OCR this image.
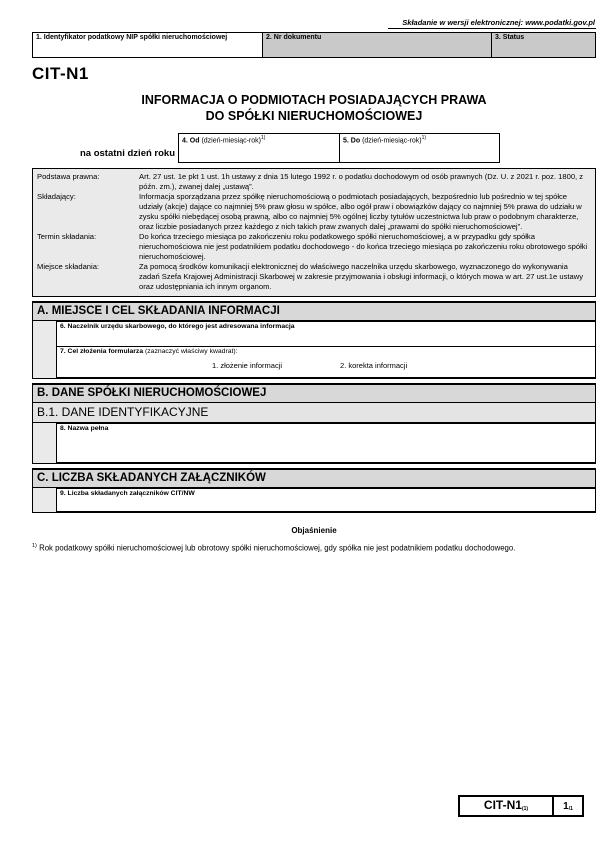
Składanie w wersji elektronicznej: www.podatki.gov.pl
1. Identyfikator podatkowy NIP spółki nieruchomościowej	2. Nr dokumentu	3. Status
CIT-N1
INFORMACJA O PODMIOTACH POSIADAJĄCYCH PRAWA
DO SPÓŁKI NIERUCHOMOŚCIOWEJ
na ostatni dzień roku
4. Od (dzień-miesiąc-rok)$^{1)}$	5. Do (dzień-miesiąc-rok)$^{1)}$
Podstawa prawna:	Art. 27 ust. 1e pkt 1 ust. 1h ustawy z dnia 15 lutego 1992 r. o podatku dochodowym od osób prawnych (Dz. U. z 2021 r. poz. 1800, z późn. zm.), zwanej dalej „ustawą”.
Składający:	Informacja sporządzana przez spółkę nieruchomościową o podmiotach posiadających, bezpośrednio lub pośrednio w tej spółce udziały (akcje) dające co najmniej 5% praw głosu w spółce, albo ogół praw i obowiązków dający co najmniej 5% prawa do udziału w zysku spółki niebędącej osobą prawną, albo co najmniej 5% ogólnej liczby tytułów uczestnictwa lub praw o podobnym charakterze, oraz liczbie posiadanych przez każdego z nich takich praw zwanych dalej „prawami do spółki nieruchomościowej”.
Termin składania:	Do końca trzeciego miesiąca po zakończeniu roku podatkowego spółki nieruchomościowej, a w przypadku gdy spółka nieruchomościowa nie jest podatnikiem podatku dochodowego - do końca trzeciego miesiąca po zakończeniu roku obrotowego spółki nieruchomościowej.
Miejsce składania:	Za pomocą środków komunikacji elektronicznej do właściwego naczelnika urzędu skarbowego, wyznaczonego do wykonywania zadań Szefa Krajowej Administracji Skarbowej w zakresie przyjmowania i obsługi informacji, o których mowa w art. 27 ust.1e ustawy oraz udostępniania ich innym organom.
A. MIEJSCE I CEL SKŁADANIA INFORMACJI
6. Naczelnik urzędu skarbowego, do którego jest adresowana informacja
7. Cel złożenia formularza (zaznaczyć właściwy kwadrat):
1. złożenie informacji	2. korekta informacji
B. DANE SPÓŁKI NIERUCHOMOŚCIOWEJ
B.1. DANE IDENTYFIKACYJNE
8. Nazwa pełna
C. LICZBA SKŁADANYCH ZAŁĄCZNIKÓW
9. Liczba składanych załączników CIT/NW
Objaśnienie
$^{1)}$ Rok podatkowy spółki nieruchomościowej lub obrotowy spółki nieruchomościowej, gdy spółka nie jest podatnikiem podatku dochodowego.
CIT-$N1_{(1)}$	$1_{/1}$
